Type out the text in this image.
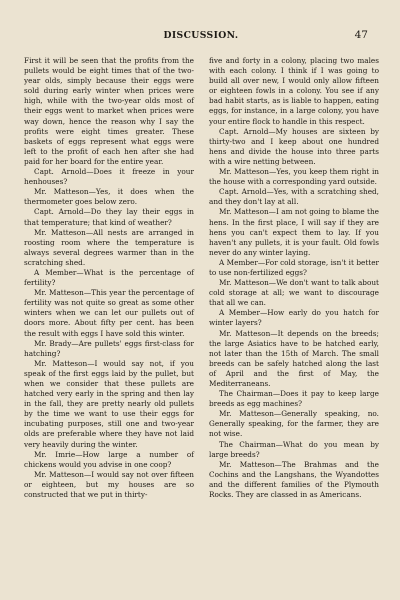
DISCUSSION.	47

First it will be seen that the profits from the pullets would be eight times that of the two-year olds, simply because their eggs were sold during early winter when prices were high, while with the two-year olds most of their eggs went to market when prices were way down, hence the reason why I say the profits were eight times greater. These baskets of eggs represent what eggs were left to the profit of each hen after she had paid for her board for the entire year.

Capt. Arnold—Does it freeze in your henhouses?

Mr. Matteson—Yes, it does when the thermometer goes below zero.

Capt. Arnold—Do they lay their eggs in that temperature; that kind of weather?

Mr. Matteson—All nests are arranged in roosting room where the temperature is always several degrees warmer than in the scratching shed.

A Member—What is the percentage of fertility?

Mr. Matteson—This year the percentage of fertility was not quite so great as some other winters when we can let our pullets out of doors more. About fifty per cent. has been the result with eggs I have sold this winter.

Mr. Brady—Are pullets' eggs first-class for hatching?

Mr. Matteson—I would say not, if you speak of the first eggs laid by the pullet, but when we consider that these pullets are hatched very early in the spring and then lay in the fall, they are pretty nearly old pullets by the time we want to use their eggs for incubating purposes, still one and two-year olds are preferable where they have not laid very heavily during the winter.

Mr. Imrie—How large a number of chickens would you advise in one coop?

Mr. Matteson—I would say not over fifteen or eighteen, but my houses are so constructed that we put in thirty-

five and forty in a colony, placing two males with each colony. I think if I was going to build all over new, I would only allow fifteen or eighteen fowls in a colony. You see if any bad habit starts, as is liable to happen, eating eggs, for instance, in a large colony, you have your entire flock to handle in this respect.

Capt. Arnold—My houses are sixteen by thirty-two and I keep about one hundred hens and divide the house into three parts with a wire netting between.

Mr. Matteson—Yes, you keep them right in the house with a corresponding yard outside.

Capt. Arnold—Yes, with a scratching shed, and they don't lay at all.

Mr. Matteson—I am not going to blame the hens. In the first place, I will say if they are hens you can't expect them to lay. If you haven't any pullets, it is your fault. Old fowls never do any winter laying.

A Member—For cold storage, isn't it better to use non-fertilized eggs?

Mr. Matteson—We don't want to talk about cold storage at all; we want to discourage that all we can.

A Member—How early do you hatch for winter layers?

Mr. Matteson—It depends on the breeds; the large Asiatics have to be hatched early, not later than the 15th of March. The small breeds can be safely hatched along the last of April and the first of May, the Mediterraneans.

The Chairman—Does it pay to keep large breeds as egg machines?

Mr. Matteson—Generally speaking, no. Generally speaking, for the farmer, they are not wise.

The Chairman—What do you mean by large breeds?

Mr. Matteson—The Brahmas and the Cochins and the Langshans, the Wyandottes and the different families of the Plymouth Rocks. They are classed in as Americans.
